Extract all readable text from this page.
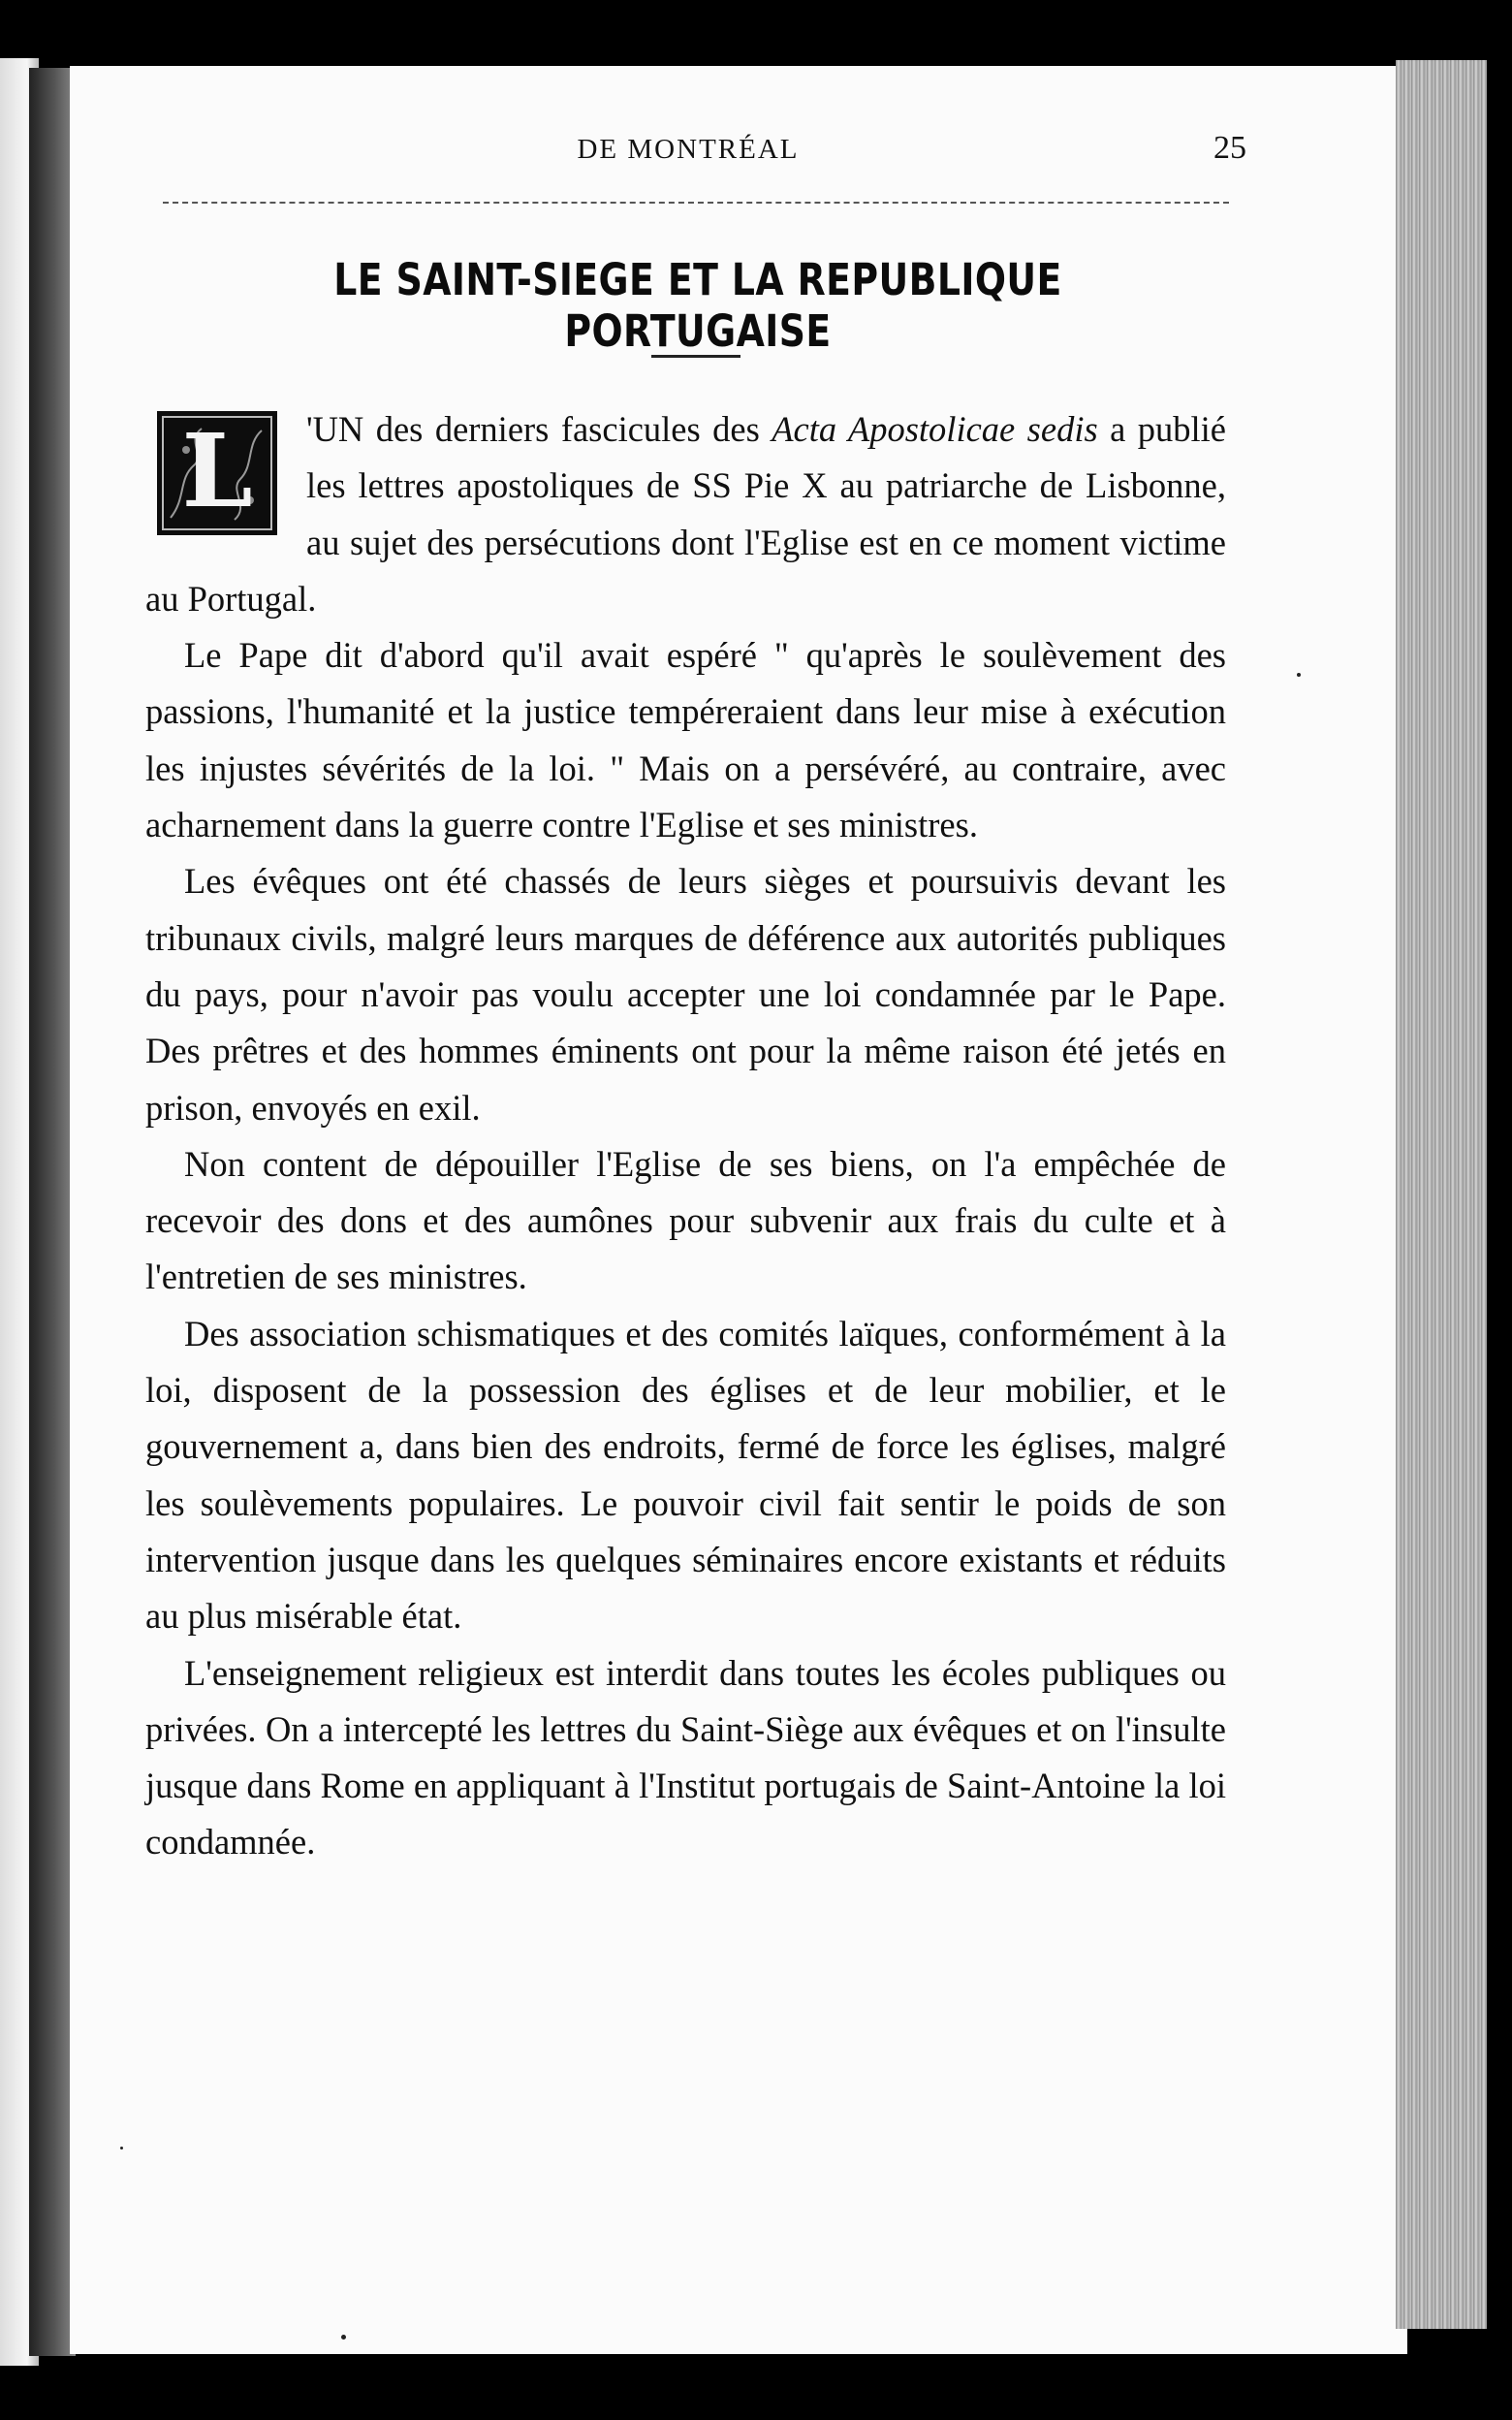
DE MONTRÉAL	25
LE SAINT-SIEGE ET LA REPUBLIQUE PORTUGAISE

L	'UN des derniers fascicules des Acta Apostolicae sedis a publié les lettres apostoliques de SS Pie X au patriarche de Lisbonne, au sujet des persécutions dont l'Eglise est en ce moment victime au Portugal.

Le Pape dit d'abord qu'il avait espéré " qu'après le soulèvement des passions, l'humanité et la justice tempéreraient dans leur mise à exécution les injustes sévérités de la loi. " Mais on a persévéré, au contraire, avec acharnement dans la guerre contre l'Eglise et ses ministres.

Les évêques ont été chassés de leurs sièges et poursuivis devant les tribunaux civils, malgré leurs marques de déférence aux autorités publiques du pays, pour n'avoir pas voulu accepter une loi condamnée par le Pape. Des prêtres et des hommes éminents ont pour la même raison été jetés en prison, envoyés en exil.

Non content de dépouiller l'Eglise de ses biens, on l'a empêchée de recevoir des dons et des aumônes pour subvenir aux frais du culte et à l'entretien de ses ministres.

Des association schismatiques et des comités laïques, conformément à la loi, disposent de la possession des églises et de leur mobilier, et le gouvernement a, dans bien des endroits, fermé de force les églises, malgré les soulèvements populaires. Le pouvoir civil fait sentir le poids de son intervention jusque dans les quelques séminaires encore existants et réduits au plus misérable état.

L'enseignement religieux est interdit dans toutes les écoles publiques ou privées. On a intercepté les lettres du Saint-Siège aux évêques et on l'insulte jusque dans Rome en appliquant à l'Institut portugais de Saint-Antoine la loi condamnée.
